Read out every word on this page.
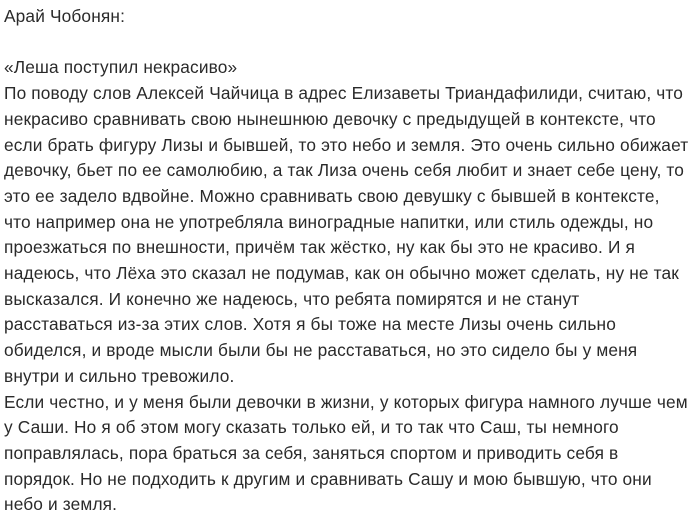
Арай Чобонян:
«Леша поступил некрасиво»
По поводу слов Алексей Чайчица в адрес Елизаветы Триандафилиди, считаю, что
некрасиво сравнивать свою нынешнюю девочку с предыдущей в контексте, что
если брать фигуру Лизы и бывшей, то это небо и земля. Это очень сильно обижает
девочку, бьет по ее самолюбию, а так Лиза очень себя любит и знает себе цену, то
это ее задело вдвойне. Можно сравнивать свою девушку с бывшей в контексте,
что например она не употребляла виноградные напитки, или стиль одежды, но
проезжаться по внешности, причём так жёстко, ну как бы это не красиво. И я
надеюсь, что Лёха это сказал не подумав, как он обычно может сделать, ну не так
высказался. И конечно же надеюсь, что ребята помирятся и не станут
расставаться из-за этих слов. Хотя я бы тоже на месте Лизы очень сильно
обиделся, и вроде мысли были бы не расставаться, но это сидело бы у меня
внутри и сильно тревожило.
Если честно, и у меня были девочки в жизни, у которых фигура намного лучше чем
у Саши. Но я об этом могу сказать только ей, и то так что Саш, ты немного
поправлялась, пора браться за себя, заняться спортом и приводить себя в
порядок. Но не подходить к другим и сравнивать Сашу и мою бывшую, что они
небо и земля.
